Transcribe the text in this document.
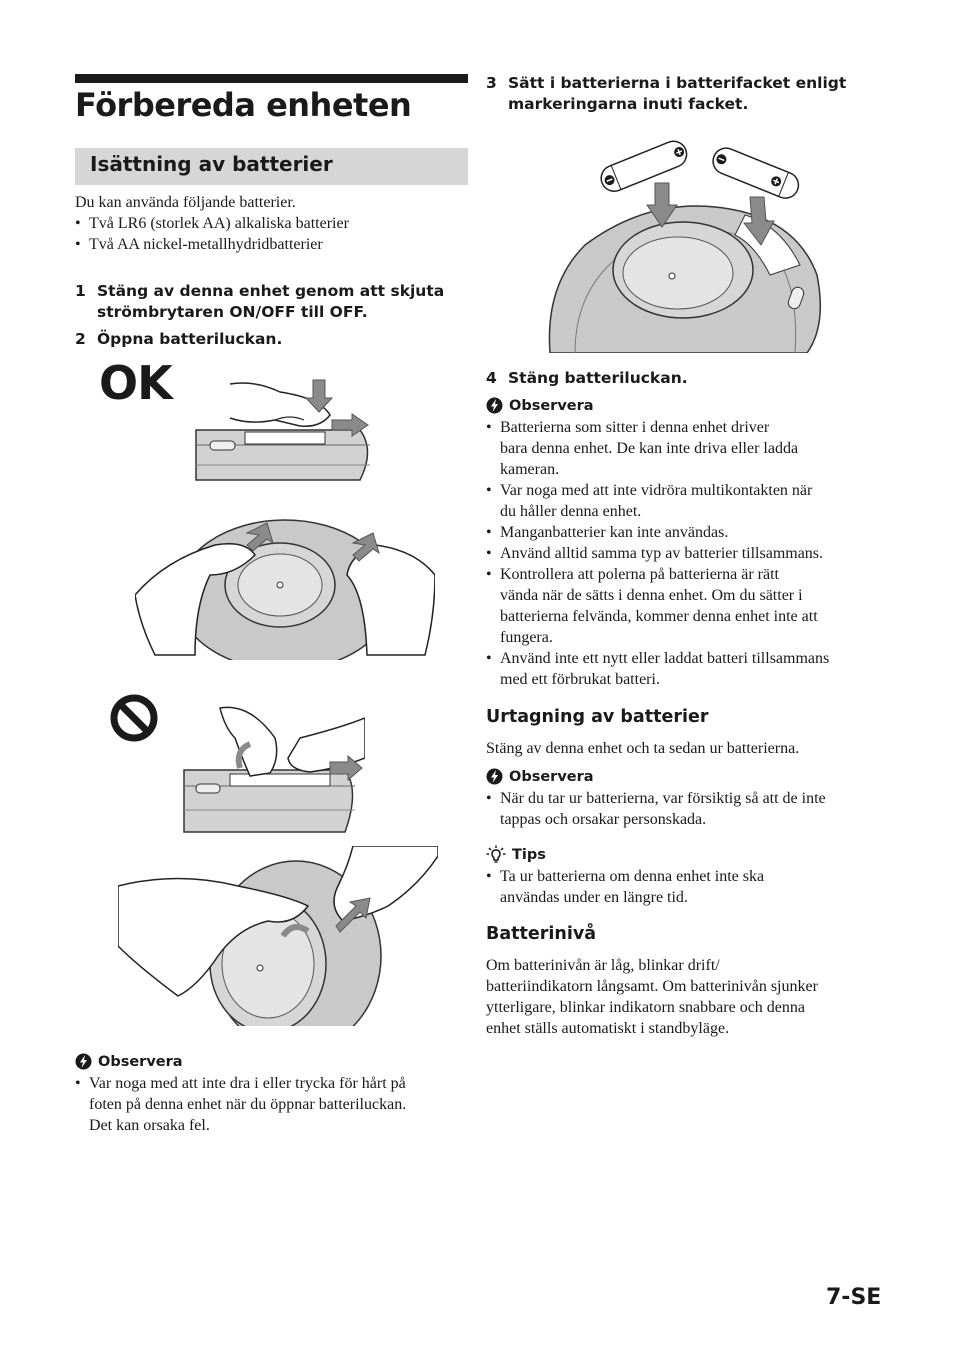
Förbereda enheten
Isättning av batterier
Du kan använda följande batterier.
• Två LR6 (storlek AA) alkaliska batterier
• Två AA nickel-metallhydridbatterier
1 Stäng av denna enhet genom att skjuta
strömbrytaren ON/OFF till OFF.
2 Öppna batteriluckan.
OK
Observera
• Var noga med att inte dra i eller trycka för hårt på
foten på denna enhet när du öppnar batteriluckan.
Det kan orsaka fel.
3 Sätt i batterierna i batterifacket enligt
markeringarna inuti facket.
4 Stäng batteriluckan.
Observera
• Batterierna som sitter i denna enhet driver
bara denna enhet. De kan inte driva eller ladda
kameran.
• Var noga med att inte vidröra multikontakten när
du håller denna enhet.
• Manganbatterier kan inte användas.
• Använd alltid samma typ av batterier tillsammans.
• Kontrollera att polerna på batterierna är rätt
vända när de sätts i denna enhet. Om du sätter i
batterierna felvända, kommer denna enhet inte att
fungera.
• Använd inte ett nytt eller laddat batteri tillsammans
med ett förbrukat batteri.
Urtagning av batterier
Stäng av denna enhet och ta sedan ur batterierna.
Observera
• När du tar ur batterierna, var försiktig så att de inte
tappas och orsakar personskada.
Tips
• Ta ur batterierna om denna enhet inte ska
användas under en längre tid.
Batterinivå
Om batterinivån är låg, blinkar drift/
batteriindikatorn långsamt. Om batterinivån sjunker
ytterligare, blinkar indikatorn snabbare och denna
enhet ställs automatiskt i standbyläge.
7-SE
